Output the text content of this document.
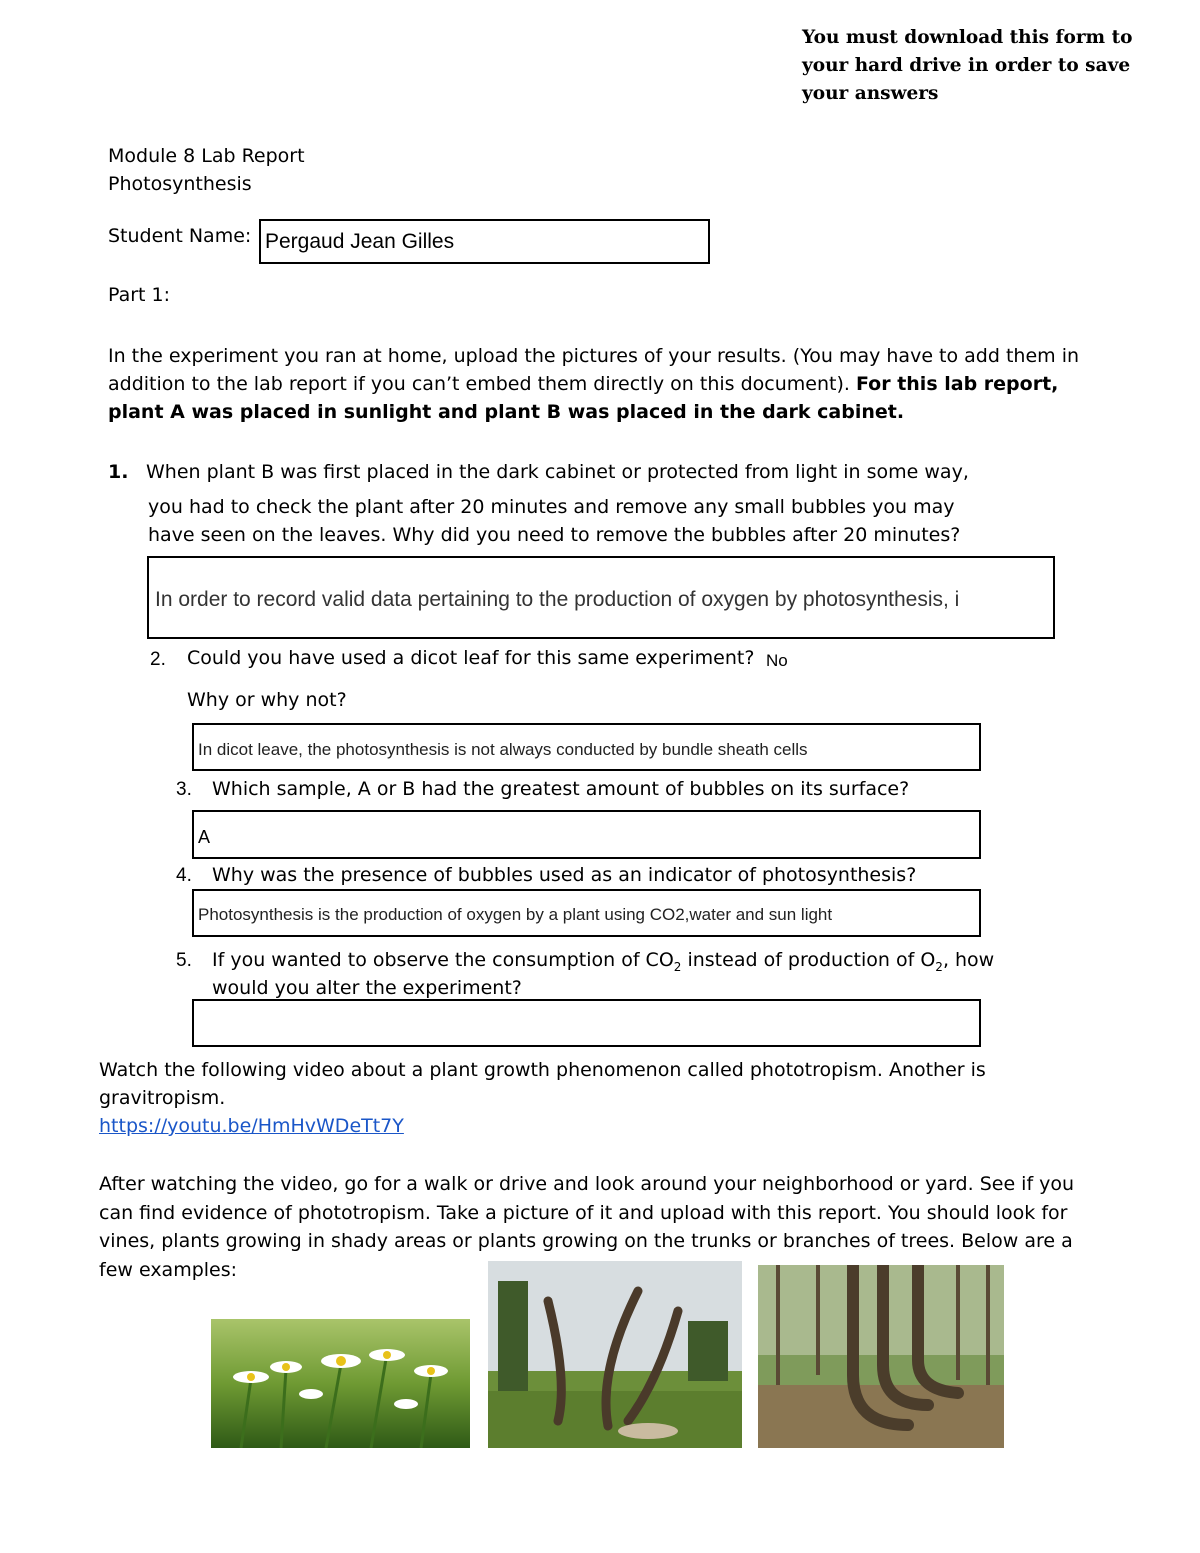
You must download this form to
your hard drive in order to save
your answers
Module 8 Lab Report
Photosynthesis
Student Name: Pergaud Jean Gilles
Part 1:
In the experiment you ran at home, upload the pictures of your results. (You may have to add them in
addition to the lab report if you can’t embed them directly on this document). For this lab report,
plant A was placed in sunlight and plant B was placed in the dark cabinet.
1. When plant B was first placed in the dark cabinet or protected from light in some way,
you had to check the plant after 20 minutes and remove any small bubbles you may
have seen on the leaves. Why did you need to remove the bubbles after 20 minutes?
In order to record valid data pertaining to the production of oxygen by photosynthesis, i
2. Could you have used a dicot leaf for this same experiment? No
Why or why not?
In dicot leave, the photosynthesis is not always conducted by bundle sheath cells
3. Which sample, A or B had the greatest amount of bubbles on its surface?
A
4. Why was the presence of bubbles used as an indicator of photosynthesis?
Photosynthesis is the production of oxygen by a plant using CO2,water and sun light
5. If you wanted to observe the consumption of $CO_2$ instead of production of $O_2$, how
would you alter the experiment?
Watch the following video about a plant growth phenomenon called phototropism. Another is
gravitropism.
https://youtu.be/HmHvWDeTt7Y
After watching the video, go for a walk or drive and look around your neighborhood or yard. See if you
can find evidence of phototropism. Take a picture of it and upload with this report. You should look for
vines, plants growing in shady areas or plants growing on the trunks or branches of trees. Below are a
few examples:
